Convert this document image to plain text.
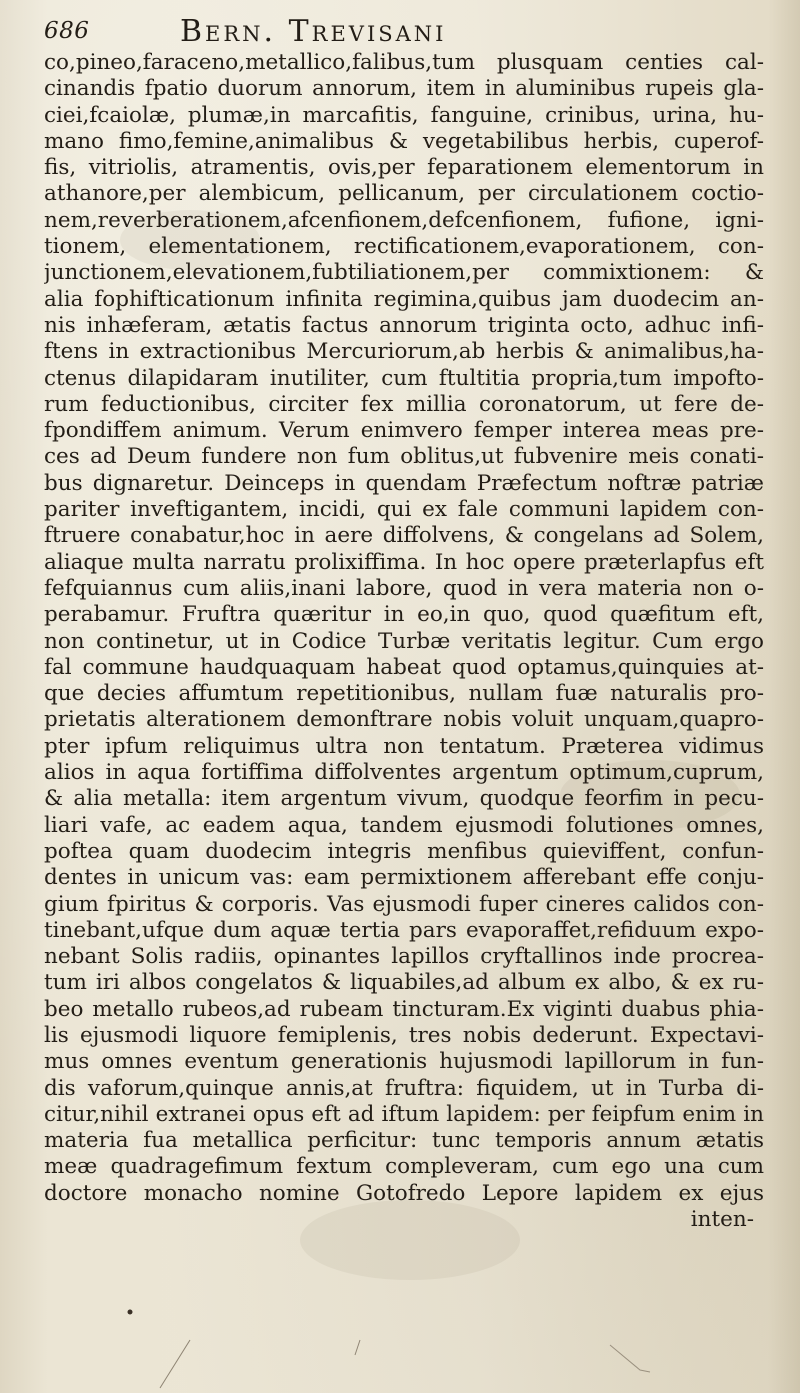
686	Bern. Trevisani
co,pineo,faraceno,metallico,falibus,tum plusquam centies cal-
cinandis fpatio duorum annorum, item in aluminibus rupeis gla-
ciei,fcaiolæ, plumæ,in marcafitis, fanguine, crinibus, urina, hu-
mano fimo,femine,animalibus & vegetabilibus herbis, cuperof-
fis, vitriolis, atramentis, ovis,per feparationem elementorum in
athanore,per alembicum, pellicanum, per circulationem coctio-
nem,reverberationem,afcenfionem,defcenfionem, fufione, igni-
tionem, elementationem, rectificationem,evaporationem, con-
junctionem,elevationem,fubtiliationem,per commixtionem: &
alia fophifticationum infinita regimina,quibus jam duodecim an-
nis inhæferam, ætatis factus annorum triginta octo, adhuc infi-
ftens in extractionibus Mercuriorum,ab herbis & animalibus,ha-
ctenus dilapidaram inutiliter, cum ftultitia propria,tum impofto-
rum feductionibus, circiter fex millia coronatorum, ut fere de-
fpondiffem animum. Verum enimvero femper interea meas pre-
ces ad Deum fundere non fum oblitus,ut fubvenire meis conati-
bus dignaretur. Deinceps in quendam Præfectum noftræ patriæ
pariter inveftigantem, incidi, qui ex fale communi lapidem con-
ftruere conabatur,hoc in aere diffolvens, & congelans ad Solem,
aliaque multa narratu prolixiffima. In hoc opere præterlapfus eft
fefquiannus cum aliis,inani labore, quod in vera materia non o-
perabamur. Fruftra quæritur in eo,in quo, quod quæfitum eft,
non continetur, ut in Codice Turbæ veritatis legitur. Cum ergo
fal commune haudquaquam habeat quod optamus,quinquies at-
que decies affumtum repetitionibus, nullam fuæ naturalis pro-
prietatis alterationem demonftrare nobis voluit unquam,quapro-
pter ipfum reliquimus ultra non tentatum. Præterea vidimus
alios in aqua fortiffima diffolventes argentum optimum,cuprum,
& alia metalla: item argentum vivum, quodque feorfim in pecu-
liari vafe, ac eadem aqua, tandem ejusmodi folutiones omnes,
poftea quam duodecim integris menfibus quieviffent, confun-
dentes in unicum vas: eam permixtionem afferebant effe conju-
gium fpiritus & corporis. Vas ejusmodi fuper cineres calidos con-
tinebant,ufque dum aquæ tertia pars evaporaffet,refiduum expo-
nebant Solis radiis, opinantes lapillos cryftallinos inde procrea-
tum iri albos congelatos & liquabiles,ad album ex albo, & ex ru-
beo metallo rubeos,ad rubeam tincturam.Ex viginti duabus phia-
lis ejusmodi liquore femiplenis, tres nobis dederunt. Expectavi-
mus omnes eventum generationis hujusmodi lapillorum in fun-
dis vaforum,quinque annis,at fruftra: fiquidem, ut in Turba di-
citur,nihil extranei opus eft ad iftum lapidem: per feipfum enim in
materia fua metallica perficitur: tunc temporis annum ætatis
meæ quadragefimum fextum compleveram, cum ego una cum
doctore monacho nomine Gotofredo Lepore lapidem ex ejus
inten-
